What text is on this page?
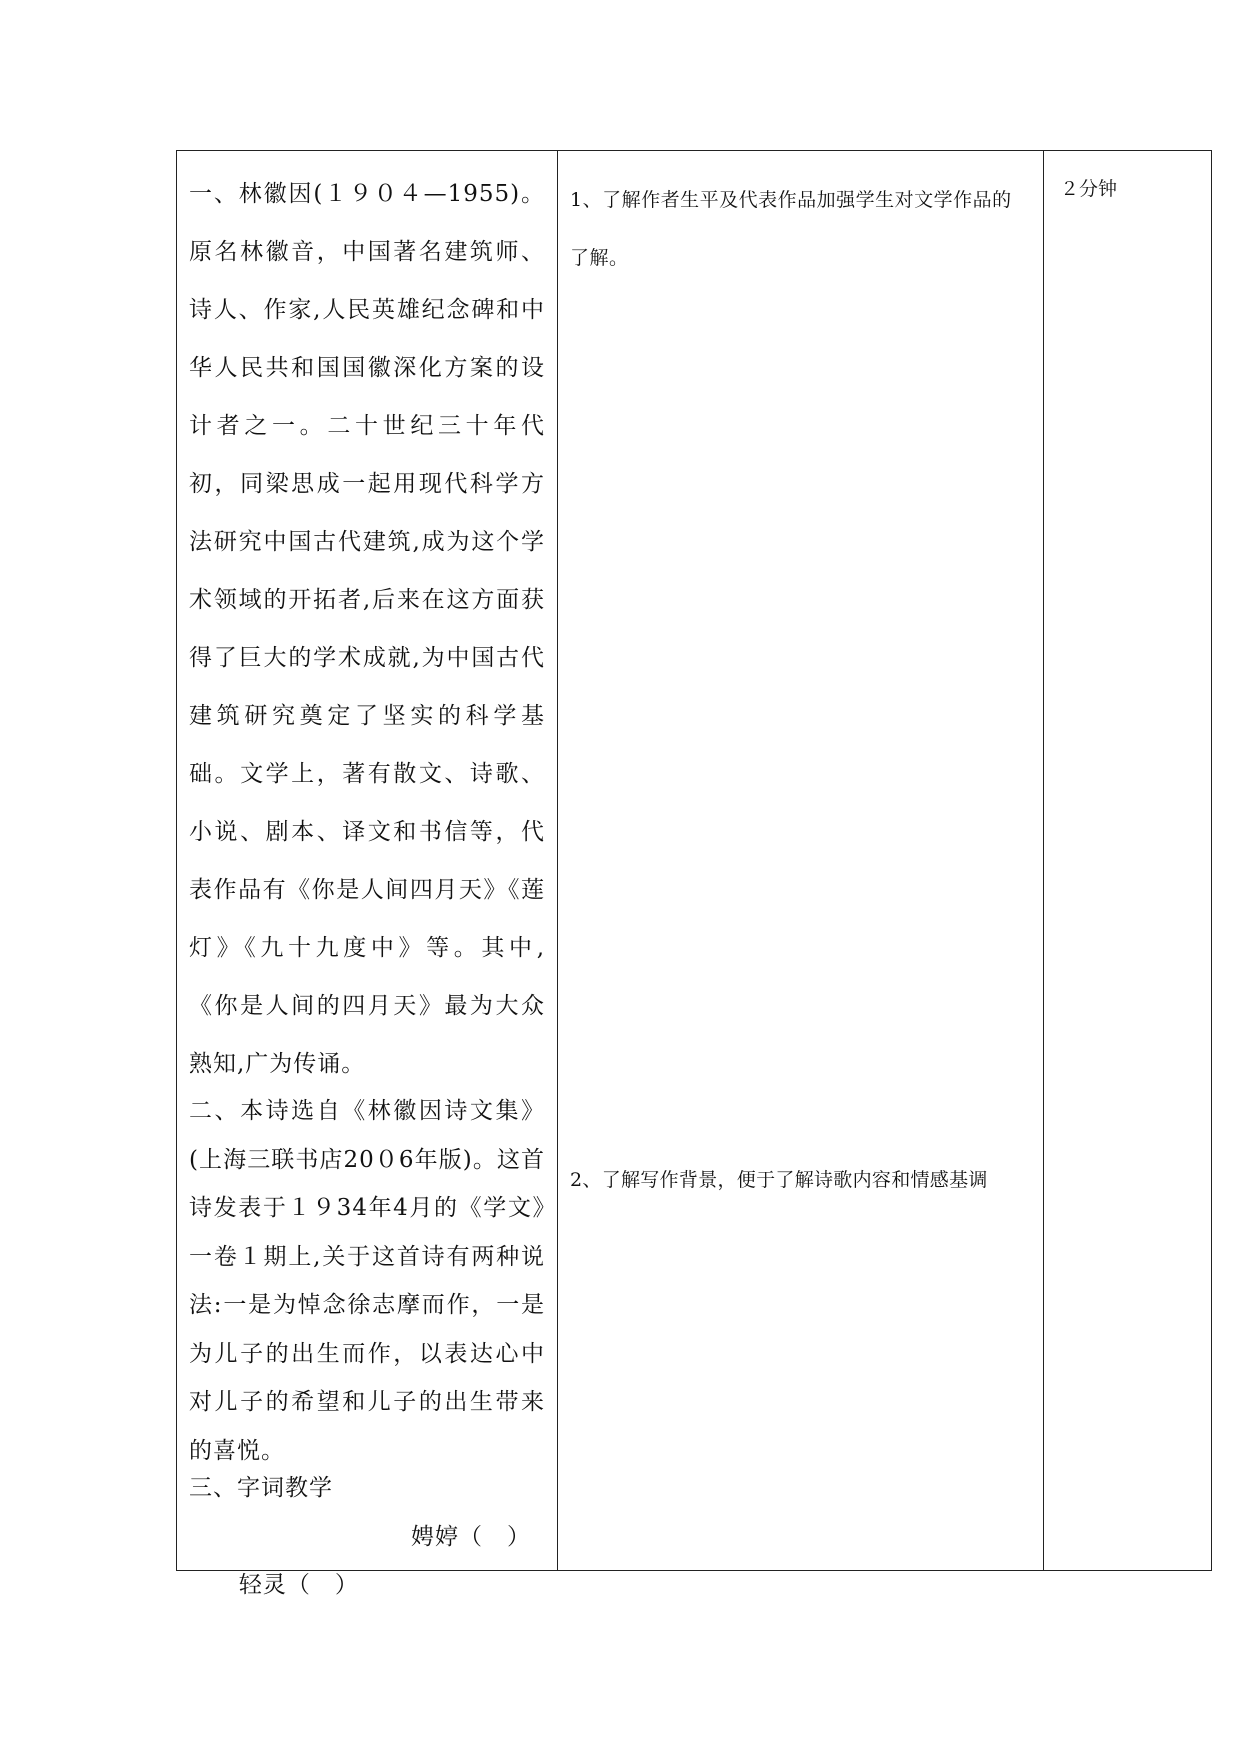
一、林徽因(１９０４—1955)。原名林徽音，中国著名建筑师、诗人、作家,人民英雄纪念碑和中华人民共和国国徽深化方案的设计者之一。二十世纪三十年代初，同梁思成一起用现代科学方法研究中国古代建筑,成为这个学术领域的开拓者,后来在这方面获得了巨大的学术成就,为中国古代建筑研究奠定了坚实的科学基础。文学上，著有散文、诗歌、小说、剧本、译文和书信等，代表作品有《你是人间四月天》《莲灯》《九十九度中》等。其中,《你是人间的四月天》最为大众熟知,广为传诵。

二、本诗选自《林徽因诗文集》(上海三联书店20０6年版)。这首诗发表于１９34年4月的《学文》一卷１期上,关于这首诗有两种说法:一是为悼念徐志摩而作，一是为儿子的出生而作，以表达心中对儿子的希望和儿子的出生带来的喜悦。

三、字词教学

轻灵（　）

娉婷（　）

1、了解作者生平及代表作品加强学生对文学作品的了解。

2、了解写作背景，便于了解诗歌内容和情感基调

２分钟
